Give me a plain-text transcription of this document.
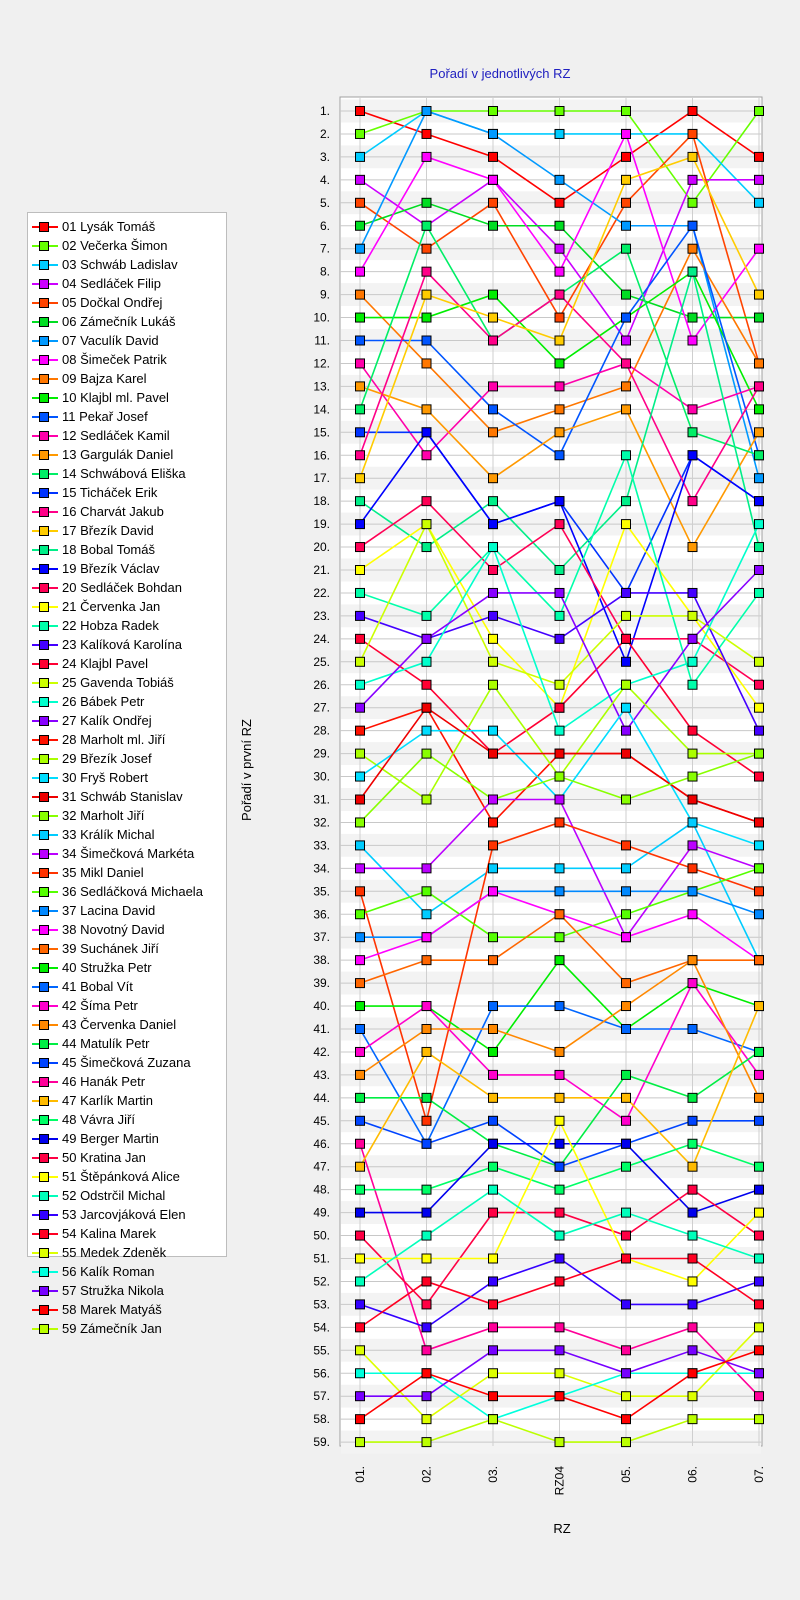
Pořadí v jednotlivých RZ
Pořadí v první RZ
RZ
1.
2.
3.
4.
5.
6.
7.
8.
9.
10.
11.
12.
13.
14.
15.
16.
17.
18.
19.
20.
21.
22.
23.
24.
25.
26.
27.
28.
29.
30.
31.
32.
33.
34.
35.
36.
37.
38.
39.
40.
41.
42.
43.
44.
45.
46.
47.
48.
49.
50.
51.
52.
53.
54.
55.
56.
57.
58.
59.
01.	02.	03.	RZ04	05.	06.	07.
01 Lysák Tomáš
02 Večerka Šimon
03 Schwáb Ladislav
04 Sedláček Filip
05 Dočkal Ondřej
06 Zámečník Lukáš
07 Vaculík David
08 Šimeček Patrik
09 Bajza Karel
10 Klajbl ml. Pavel
11 Pekař Josef
12 Sedláček Kamil
13 Gargulák Daniel
14 Schwábová Eliška
15 Ticháček Erik
16 Charvát Jakub
17 Březík David
18 Bobal Tomáš
19 Březík Václav
20 Sedláček Bohdan
21 Červenka Jan
22 Hobza Radek
23 Kalíková Karolína
24 Klajbl Pavel
25 Gavenda Tobiáš
26 Bábek Petr
27 Kalík Ondřej
28 Marholt ml. Jiří
29 Březík Josef
30 Fryš Robert
31 Schwáb Stanislav
32 Marholt Jiří
33 Králík Michal
34 Šimečková Markéta
35 Mikl Daniel
36 Sedláčková Michaela
37 Lacina David
38 Novotný David
39 Suchánek Jiří
40 Stružka Petr
41 Bobal Vít
42 Šíma Petr
43 Červenka Daniel
44 Matulík Petr
45 Šimečková Zuzana
46 Hanák Petr
47 Karlík Martin
48 Vávra Jiří
49 Berger Martin
50 Kratina Jan
51 Štěpánková Alice
52 Odstrčil Michal
53 Jarcovjáková Elen
54 Kalina Marek
55 Medek Zdeněk
56 Kalík Roman
57 Stružka Nikola
58 Marek Matyáš
59 Zámečník Jan
